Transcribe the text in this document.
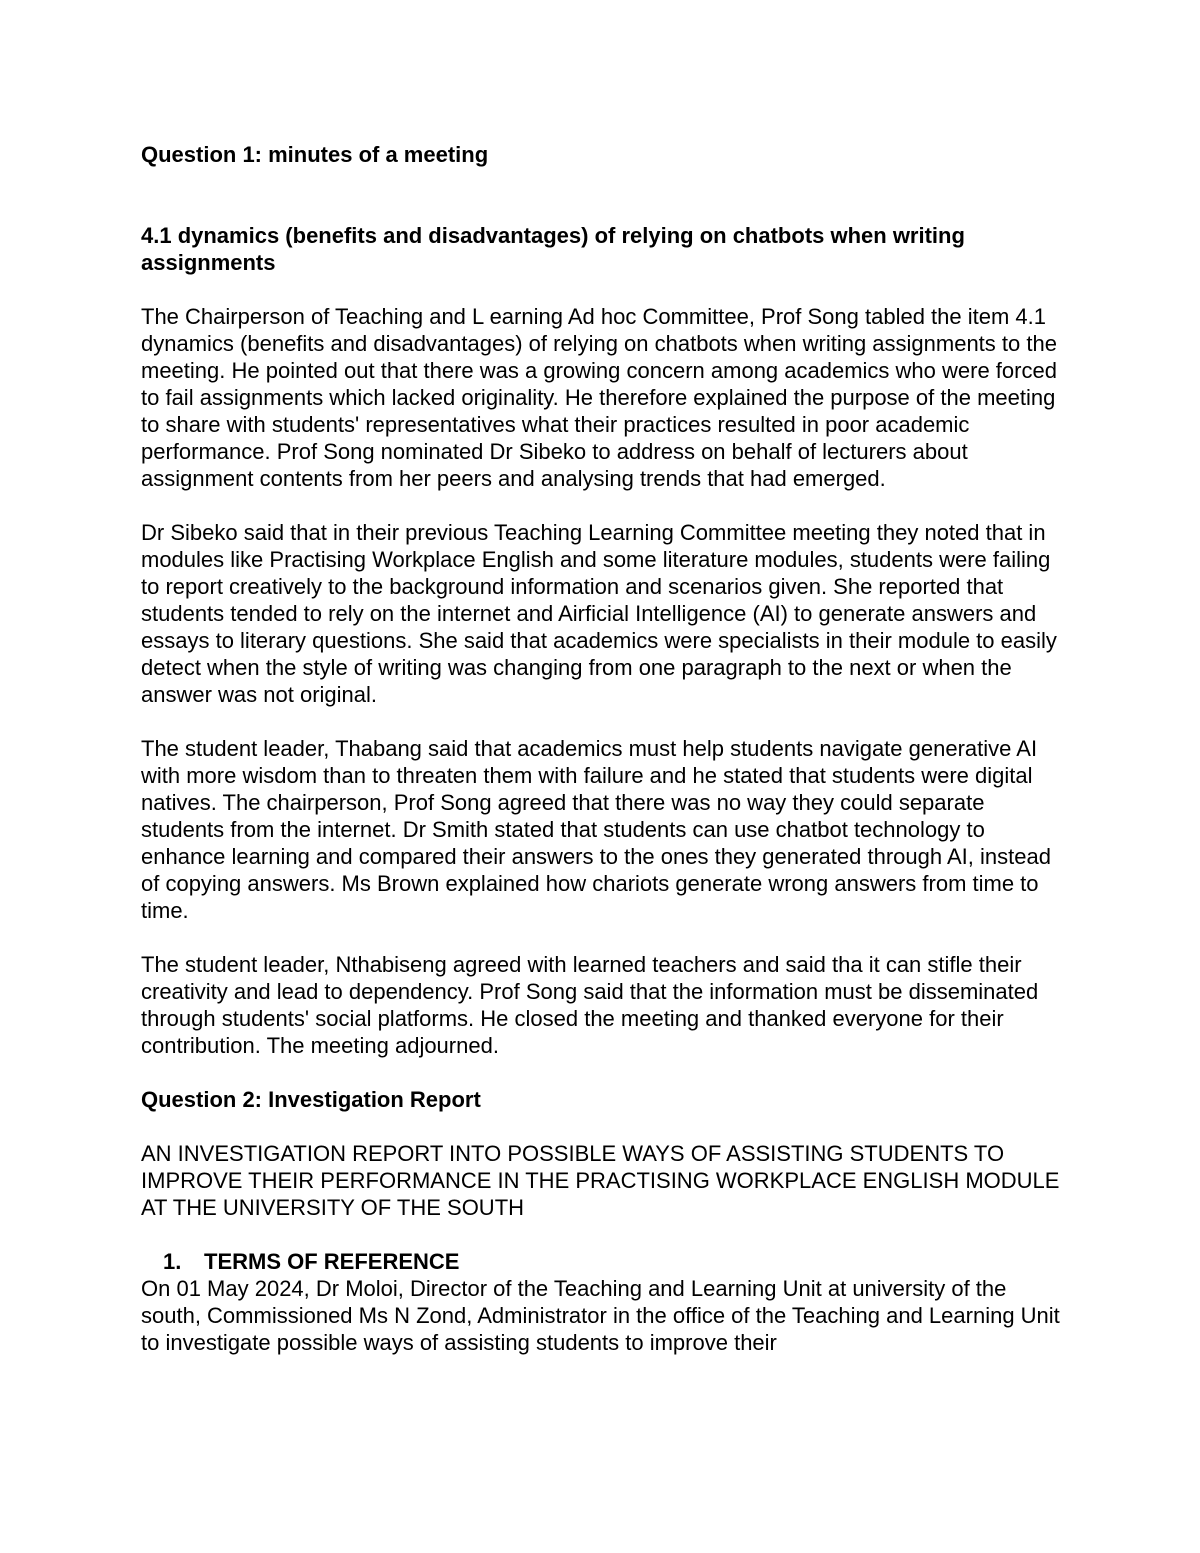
Question 1: minutes of a meeting

4.1 dynamics (benefits and disadvantages) of relying on chatbots when writing assignments

The Chairperson of Teaching and L earning Ad hoc Committee, Prof Song tabled the item 4.1 dynamics (benefits and disadvantages) of relying on chatbots when writing assignments to the meeting. He pointed out that there was a growing concern among academics who were forced to fail assignments which lacked originality. He therefore explained the purpose of the meeting to share with students' representatives what their practices resulted in poor academic performance. Prof Song nominated Dr Sibeko to address on behalf of lecturers about assignment contents from her peers and analysing trends that had emerged.

Dr Sibeko said that in their previous Teaching Learning Committee meeting they noted that in modules like Practising Workplace English and some literature modules, students were failing to report creatively to the background information and scenarios given. She reported that students tended to rely on the internet and Airficial Intelligence (AI) to generate answers and essays to literary questions. She said that academics were specialists in their module to easily detect when the style of writing was changing from one paragraph to the next or when the answer was not original.

The student leader, Thabang said that academics must help students navigate generative AI with more wisdom than to threaten them with failure and he stated that students were digital natives. The chairperson, Prof Song agreed that there was no way they could separate students from the internet. Dr Smith stated that students can use chatbot technology to enhance learning and compared their answers to the ones they generated through AI, instead of copying answers. Ms Brown explained how chariots generate wrong answers from time to time.

The student leader, Nthabiseng agreed with learned teachers and said tha it can stifle their creativity and lead to dependency. Prof Song said that the information must be disseminated through students' social platforms. He closed the meeting and thanked everyone for their contribution. The meeting adjourned.

Question 2: Investigation Report

AN INVESTIGATION REPORT INTO POSSIBLE WAYS OF ASSISTING STUDENTS TO IMPROVE THEIR PERFORMANCE IN THE PRACTISING WORKPLACE ENGLISH MODULE AT THE UNIVERSITY OF THE SOUTH

1.	TERMS OF REFERENCE

On 01 May 2024, Dr Moloi, Director of the Teaching and Learning Unit at university of the south, Commissioned Ms N Zond, Administrator in the office of the Teaching and Learning Unit to investigate possible ways of assisting students to improve their
